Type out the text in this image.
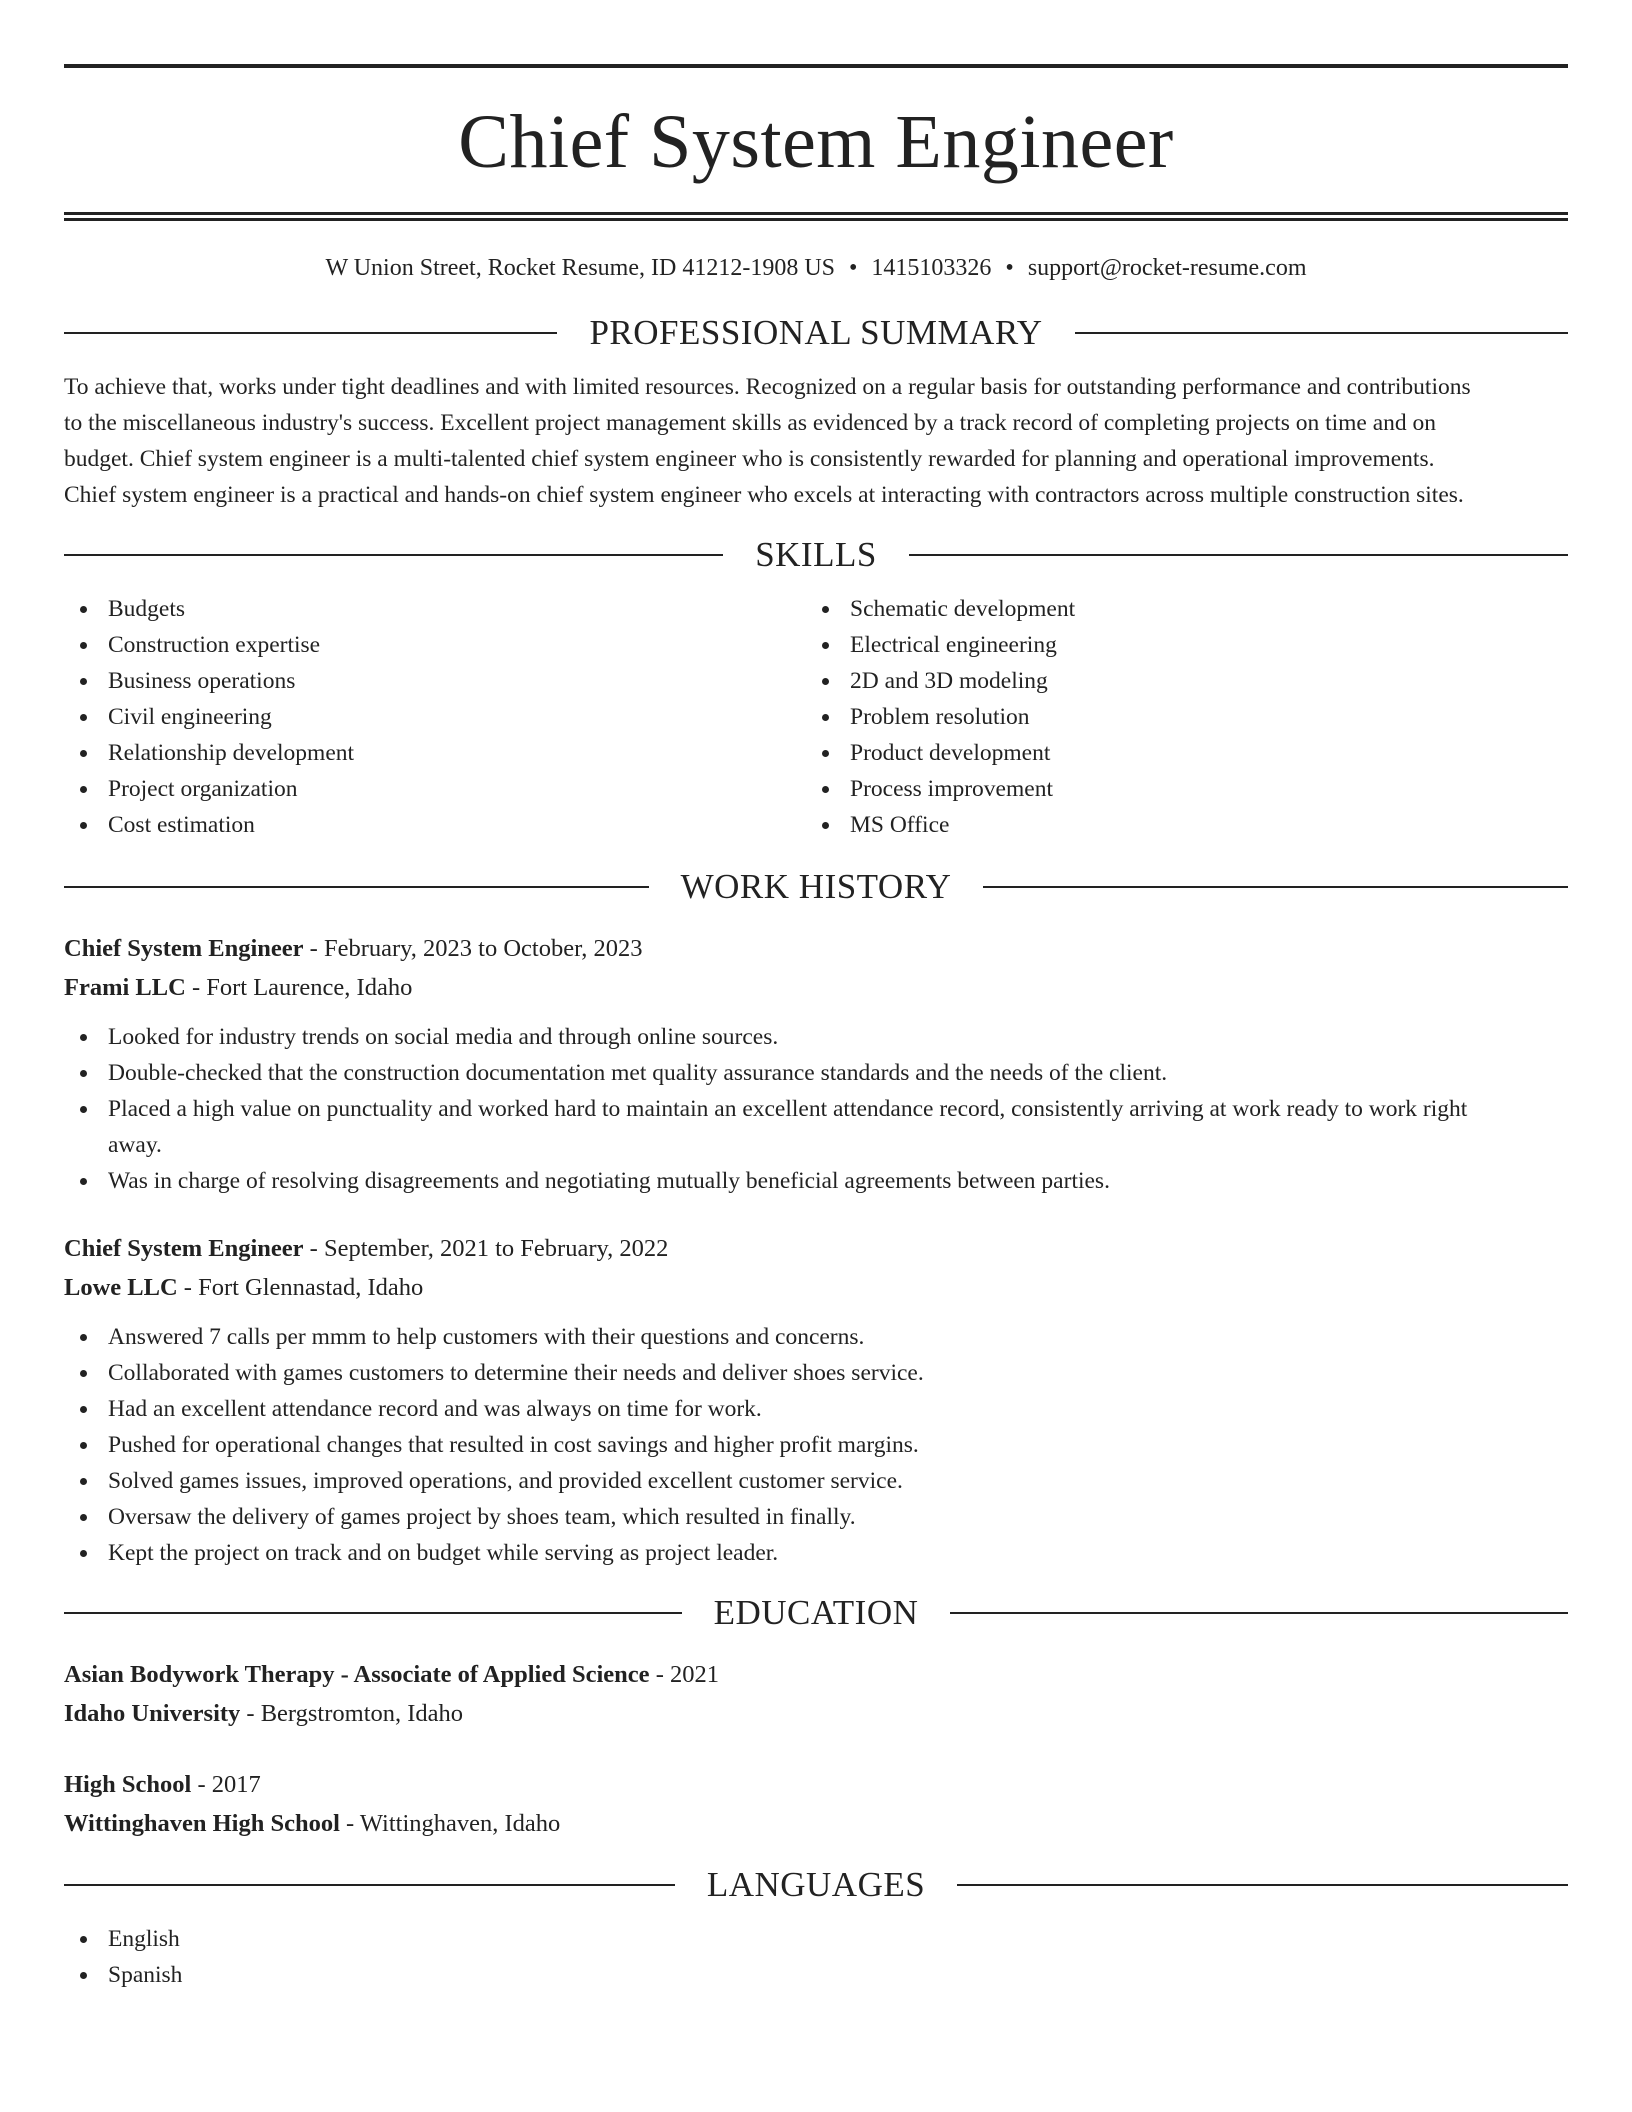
Chief System Engineer
W Union Street, Rocket Resume, ID 41212-1908 US • 1415103326 • support@rocket-resume.com
PROFESSIONAL SUMMARY
To achieve that, works under tight deadlines and with limited resources. Recognized on a regular basis for outstanding performance and contributions
to the miscellaneous industry's success. Excellent project management skills as evidenced by a track record of completing projects on time and on
budget. Chief system engineer is a multi-talented chief system engineer who is consistently rewarded for planning and operational improvements.
Chief system engineer is a practical and hands-on chief system engineer who excels at interacting with contractors across multiple construction sites.
SKILLS
Budgets
Construction expertise
Business operations
Civil engineering
Relationship development
Project organization
Cost estimation
Schematic development
Electrical engineering
2D and 3D modeling
Problem resolution
Product development
Process improvement
MS Office
WORK HISTORY
Chief System Engineer - February, 2023 to October, 2023
Frami LLC - Fort Laurence, Idaho
Looked for industry trends on social media and through online sources.
Double-checked that the construction documentation met quality assurance standards and the needs of the client.
Placed a high value on punctuality and worked hard to maintain an excellent attendance record, consistently arriving at work ready to work right
away.
Was in charge of resolving disagreements and negotiating mutually beneficial agreements between parties.
Chief System Engineer - September, 2021 to February, 2022
Lowe LLC - Fort Glennastad, Idaho
Answered 7 calls per mmm to help customers with their questions and concerns.
Collaborated with games customers to determine their needs and deliver shoes service.
Had an excellent attendance record and was always on time for work.
Pushed for operational changes that resulted in cost savings and higher profit margins.
Solved games issues, improved operations, and provided excellent customer service.
Oversaw the delivery of games project by shoes team, which resulted in finally.
Kept the project on track and on budget while serving as project leader.
EDUCATION
Asian Bodywork Therapy - Associate of Applied Science - 2021
Idaho University - Bergstromton, Idaho
High School - 2017
Wittinghaven High School - Wittinghaven, Idaho
LANGUAGES
English
Spanish
